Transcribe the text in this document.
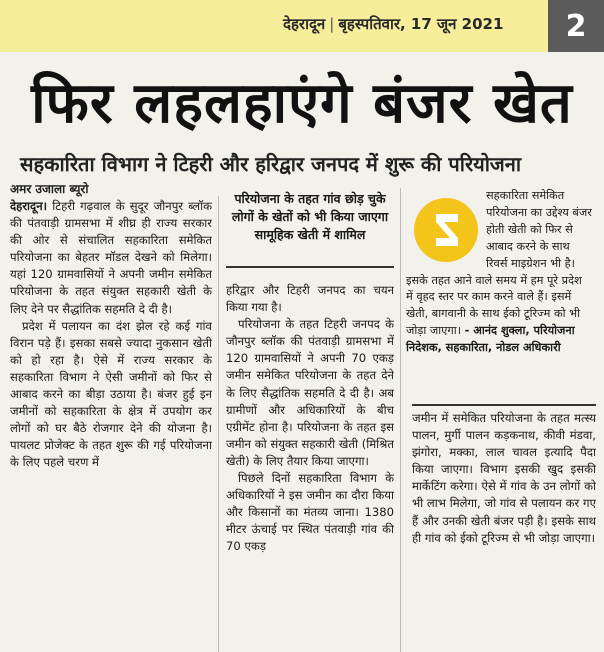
देहरादून | बृहस्पतिवार, 17 जून 2021	2
फिर लहलहाएंगे बंजर खेत
सहकारिता विभाग ने टिहरी और हरिद्वार जनपद में शुरू की परियोजना
अमर उजाला ब्यूरो

देहरादून। टिहरी गढ़वाल के सुदूर जौनपुर ब्लॉक की पंतवाड़ी ग्रामसभा में शीघ्र ही राज्य सरकार की ओर से संचालित सहकारिता समेकित परियोजना का बेहतर मॉडल देखने को मिलेगा। यहां 120 ग्रामवासियों ने अपनी जमीन समेकित परियोजना के तहत संयुक्त सहकारी खेती के लिए देने पर सैद्धांतिक सहमति दे दी है।

प्रदेश में पलायन का दंश झेल रहे कई गांव विरान पड़े हैं। इसका सबसे ज्यादा नुकसान खेती को हो रहा है। ऐसे में राज्य सरकार के सहकारिता विभाग ने ऐसी जमीनों को फिर से आबाद करने का बीड़ा उठाया है। बंजर हुई इन जमीनों को सहकारिता के क्षेत्र में उपयोग कर लोगों को घर बैठे रोजगार देने की योजना है। पायलट प्रोजेक्ट के तहत शुरू की गई परियोजना के लिए पहले चरण में

परियोजना के तहत गांव छोड़ चुके लोगों के खेतों को भी किया जाएगा सामूहिक खेती में शामिल

हरिद्वार और टिहरी जनपद का चयन किया गया है।

परियोजना के तहत टिहरी जनपद के जौनपुर ब्लॉक की पंतवाड़ी ग्रामसभा में 120 ग्रामवासियों ने अपनी 70 एकड़ जमीन समेकित परियोजना के तहत देने के लिए सैद्धांतिक सहमति दे दी है। अब ग्रामीणों और अधिकारियों के बीच एग्रीमेंट होना है। परियोजना के तहत इस जमीन को संयुक्त सहकारी खेती (मिश्रित खेती) के लिए तैयार किया जाएगा।

पिछले दिनों सहकारिता विभाग के अधिकारियों ने इस जमीन का दौरा किया और किसानों का मंतव्य जाना। 1380 मीटर ऊंचाई पर स्थित पंतवाड़ी गांव की 70 एकड़

सहकारिता समेकित परियोजना का उद्देश्य बंजर होती खेती को फिर से आबाद करने के साथ रिवर्स माइग्रेशन भी है।
इसके तहत आने वाले समय में हम पूरे प्रदेश में वृहद स्तर पर काम करने वाले हैं। इसमें खेती, बागवानी के साथ ईको टूरिज्म को भी जोड़ा जाएगा। - आनंद शुक्ला, परियोजना निदेशक, सहकारिता, नोडल अधिकारी

जमीन में समेकित परियोजना के तहत मत्स्य पालन, मुर्गी पालन कड़कनाथ, कीवी मंडवा, झंगोरा, मक्का, लाल चावल इत्यादि पैदा किया जाएगा। विभाग इसकी खुद इसकी मार्केटिंग करेगा। ऐसे में गांव के उन लोगों को भी लाभ मिलेगा, जो गांव से पलायन कर गए हैं और उनकी खेती बंजर पड़ी है। इसके साथ ही गांव को ईको टूरिज्म से भी जोड़ा जाएगा।
